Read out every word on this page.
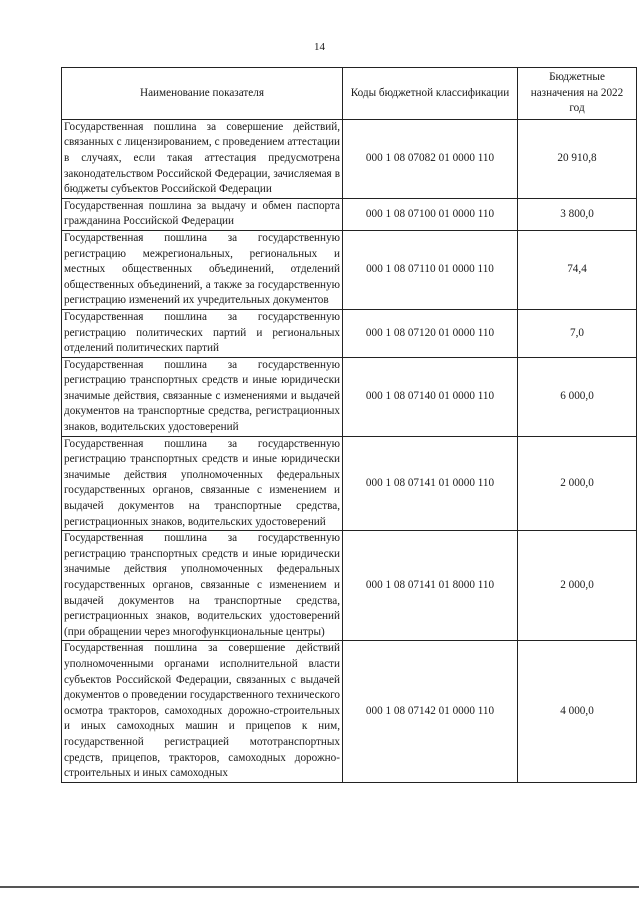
14
Наименование показателя	Коды бюджетной классификации	Бюджетные назначения на 2022 год
Государственная пошлина за совершение действий, связанных с лицензированием, с проведением аттестации в случаях, если такая аттестация предусмотрена законодательством Российской Федерации, зачисляемая в бюджеты субъектов Российской Федерации	000 1 08 07082 01 0000 110	20 910,8
Государственная пошлина за выдачу и обмен паспорта гражданина Российской Федерации	000 1 08 07100 01 0000 110	3 800,0
Государственная пошлина за государственную регистрацию межрегиональных, региональных и местных общественных объединений, отделений общественных объединений, а также за государственную регистрацию изменений их учредительных документов	000 1 08 07110 01 0000 110	74,4
Государственная пошлина за государственную регистрацию политических партий и региональных отделений политических партий	000 1 08 07120 01 0000 110	7,0
Государственная пошлина за государственную регистрацию транспортных средств и иные юридически значимые действия, связанные с изменениями и выдачей документов на транспортные средства, регистрационных знаков, водительских удостоверений	000 1 08 07140 01 0000 110	6 000,0
Государственная пошлина за государственную регистрацию транспортных средств и иные юридически значимые действия уполномоченных федеральных государственных органов, связанные с изменением и выдачей документов на транспортные средства, регистрационных знаков, водительских удостоверений	000 1 08 07141 01 0000 110	2 000,0
Государственная пошлина за государственную регистрацию транспортных средств и иные юридически значимые действия уполномоченных федеральных государственных органов, связанные с изменением и выдачей документов на транспортные средства, регистрационных знаков, водительских удостоверений (при обращении через многофункциональные центры)	000 1 08 07141 01 8000 110	2 000,0
Государственная пошлина за совершение действий уполномоченными органами исполнительной власти субъектов Российской Федерации, связанных с выдачей документов о проведении государственного технического осмотра тракторов, самоходных дорожно-строительных и иных самоходных машин и прицепов к ним, государственной регистрацией мототранспортных средств, прицепов, тракторов, самоходных дорожно-строительных и иных самоходных	000 1 08 07142 01 0000 110	4 000,0
